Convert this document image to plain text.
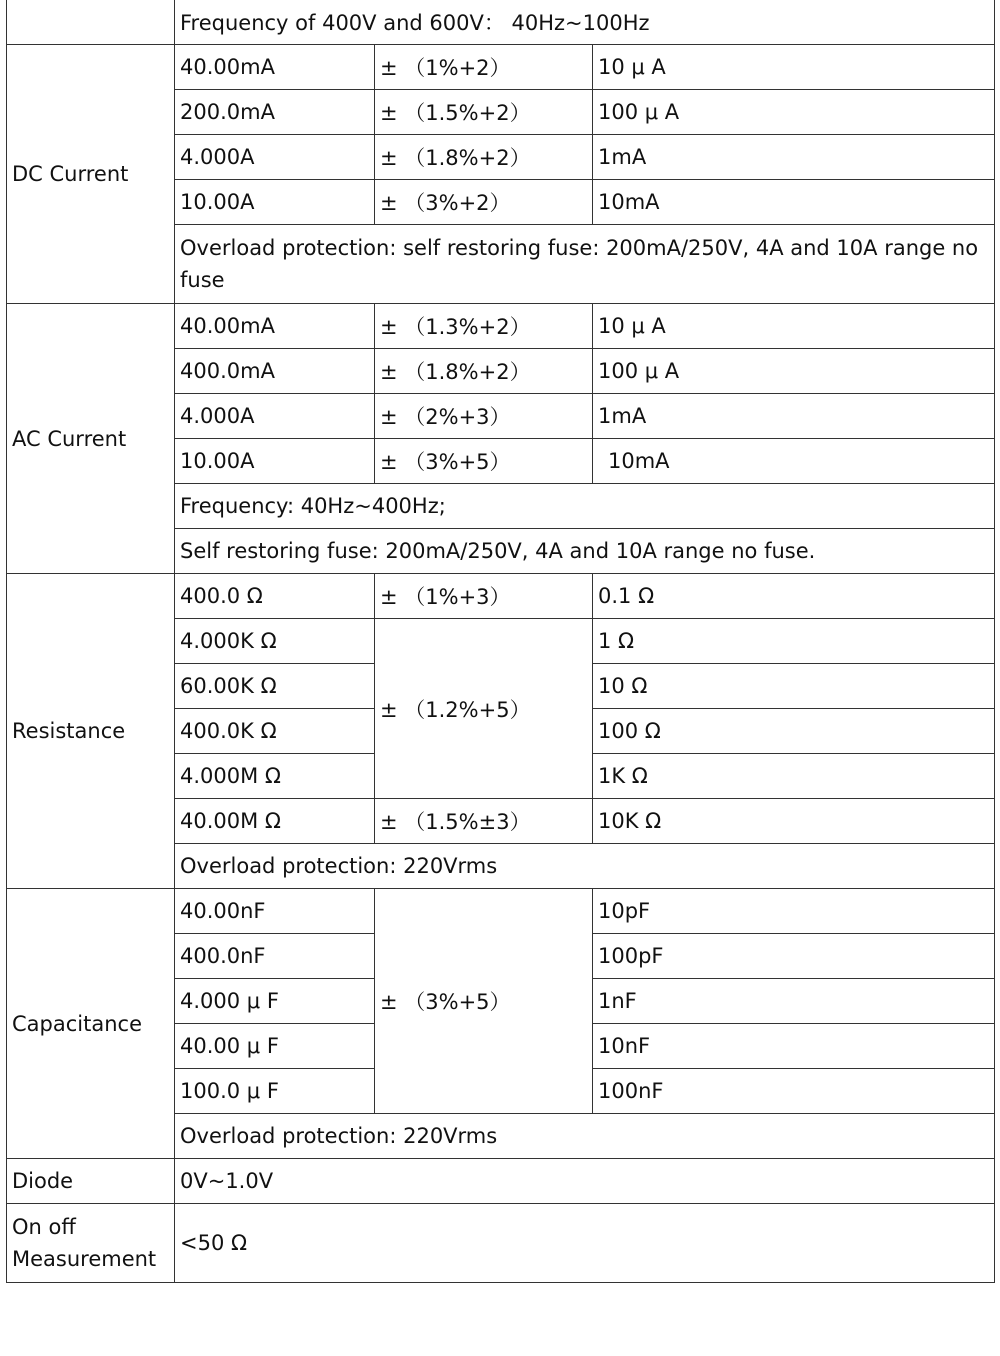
	Frequency of 400V and 600V： 40Hz~100Hz		
DC Current	40.00mA	± （1%+2）	10 μ A
	200.0mA	± （1.5%+2）	100 μ A
	4.000A	± （1.8%+2）	1mA
	10.00A	± （3%+2）	10mA
	Overload protection: self restoring fuse: 200mA/250V, 4A and 10A range no fuse		
AC Current	40.00mA	± （1.3%+2）	10 μ A
	400.0mA	± （1.8%+2）	100 μ A
	4.000A	± （2%+3）	1mA
	10.00A	± （3%+5）	10mA
	Frequency: 40Hz~400Hz;		
	Self restoring fuse: 200mA/250V, 4A and 10A range no fuse.		
Resistance	400.0 Ω	± （1%+3）	0.1 Ω
	4.000K Ω	± （1.2%+5）	1 Ω
	60.00K Ω		10 Ω
	400.0K Ω		100 Ω
	4.000M Ω		1K Ω
	40.00M Ω	± （1.5%±3）	10K Ω
	Overload protection: 220Vrms		
Capacitance	40.00nF	± （3%+5）	10pF
	400.0nF		100pF
	4.000 μ F		1nF
	40.00 μ F		10nF
	100.0 μ F		100nF
	Overload protection: 220Vrms		
Diode	0V~1.0V		
On off Measurement	<50 Ω		
